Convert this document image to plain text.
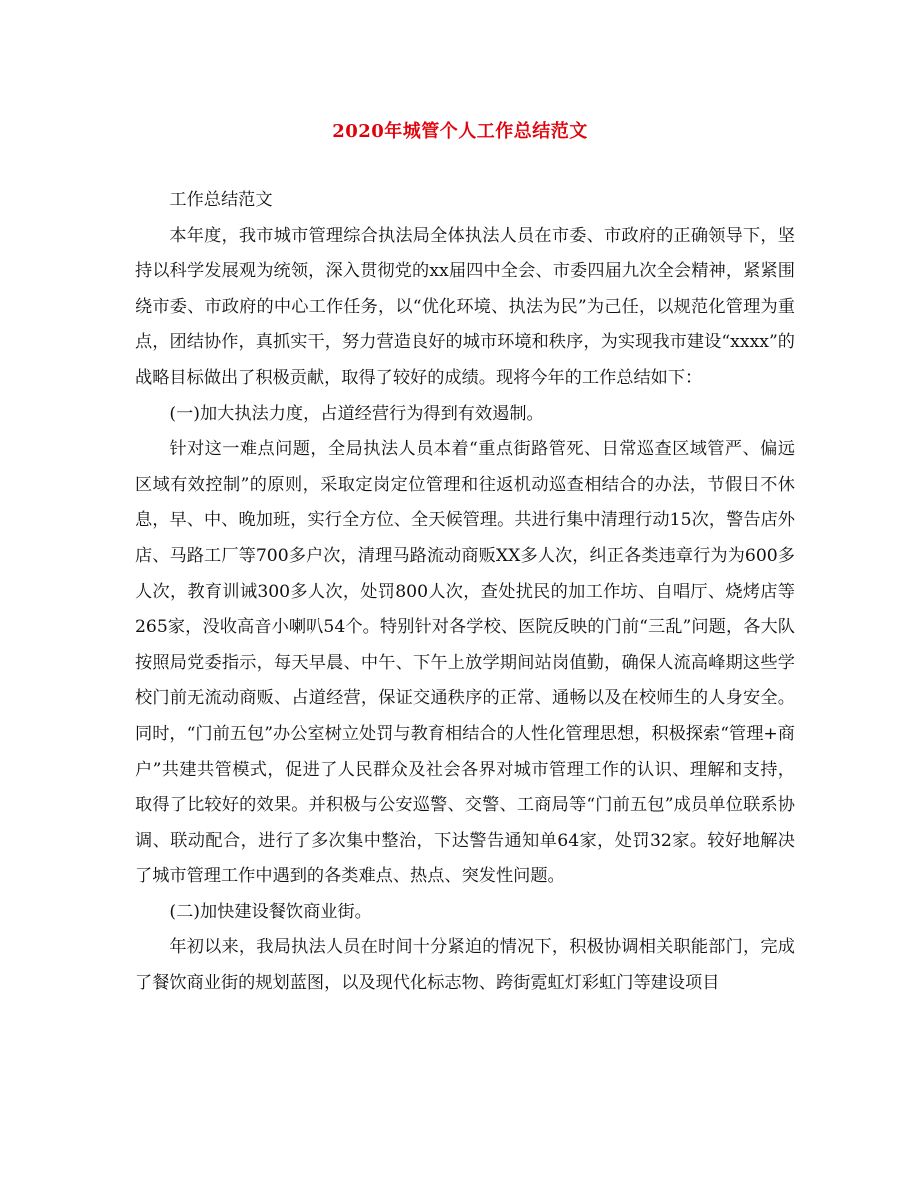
2020年城管个人工作总结范文

工作总结范文

本年度，我市城市管理综合执法局全体执法人员在市委、市政府的正确领导下，坚持以科学发展观为统领，深入贯彻党的xx届四中全会、市委四届九次全会精神，紧紧围绕市委、市政府的中心工作任务，以“优化环境、执法为民”为己任，以规范化管理为重点，团结协作，真抓实干，努力营造良好的城市环境和秩序，为实现我市建设“xxxx”的战略目标做出了积极贡献，取得了较好的成绩。现将今年的工作总结如下：

(一)加大执法力度，占道经营行为得到有效遏制。

针对这一难点问题，全局执法人员本着“重点街路管死、日常巡查区域管严、偏远区域有效控制”的原则，采取定岗定位管理和往返机动巡查相结合的办法，节假日不休息，早、中、晚加班，实行全方位、全天候管理。共进行集中清理行动15次，警告店外店、马路工厂等700多户次，清理马路流动商贩XX多人次，纠正各类违章行为为600多人次，教育训诫300多人次，处罚800人次，查处扰民的加工作坊、自唱厅、烧烤店等265家，没收高音小喇叭54个。特别针对各学校、医院反映的门前“三乱”问题，各大队按照局党委指示，每天早晨、中午、下午上放学期间站岗值勤，确保人流高峰期这些学校门前无流动商贩、占道经营，保证交通秩序的正常、通畅以及在校师生的人身安全。同时，“门前五包”办公室树立处罚与教育相结合的人性化管理思想，积极探索“管理+商户”共建共管模式，促进了人民群众及社会各界对城市管理工作的认识、理解和支持，取得了比较好的效果。并积极与公安巡警、交警、工商局等“门前五包”成员单位联系协调、联动配合，进行了多次集中整治，下达警告通知单64家，处罚32家。较好地解决了城市管理工作中遇到的各类难点、热点、突发性问题。

(二)加快建设餐饮商业街。

年初以来，我局执法人员在时间十分紧迫的情况下，积极协调相关职能部门，完成了餐饮商业街的规划蓝图，以及现代化标志物、跨街霓虹灯彩虹门等建设项目
